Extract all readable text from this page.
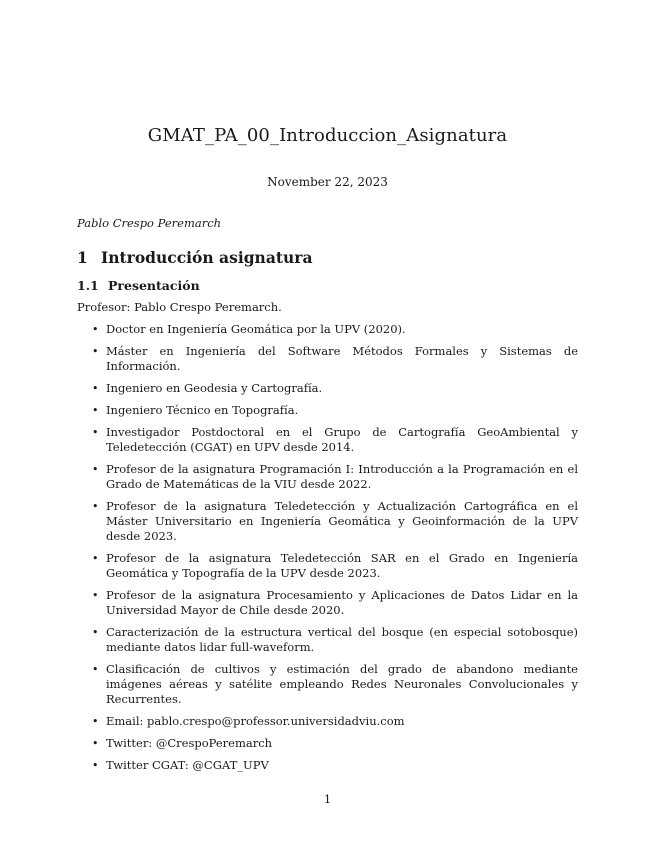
GMAT_PA_00_Introduccion_Asignatura
November 22, 2023
Pablo Crespo Peremarch
1 Introducción asignatura
1.1 Presentación
Profesor: Pablo Crespo Peremarch.
• Doctor en Ingeniería Geomática por la UPV (2020).
• Máster en Ingeniería del Software Métodos Formales y Sistemas de Información.
• Ingeniero en Geodesia y Cartografía.
• Ingeniero Técnico en Topografía.
• Investigador Postdoctoral en el Grupo de Cartografía GeoAmbiental y Teledetección (CGAT) en UPV desde 2014.
• Profesor de la asignatura Programación I: Introducción a la Programación en el Grado de Matemáticas de la VIU desde 2022.
• Profesor de la asignatura Teledetección y Actualización Cartográfica en el Máster Universitario en Ingeniería Geomática y Geoinformación de la UPV desde 2023.
• Profesor de la asignatura Teledetección SAR en el Grado en Ingeniería Geomática y Topografía de la UPV desde 2023.
• Profesor de la asignatura Procesamiento y Aplicaciones de Datos Lidar en la Universidad Mayor de Chile desde 2020.
• Caracterización de la estructura vertical del bosque (en especial sotobosque) mediante datos lidar full-waveform.
• Clasificación de cultivos y estimación del grado de abandono mediante imágenes aéreas y satélite empleando Redes Neuronales Convolucionales y Recurrentes.
• Email: pablo.crespo@professor.universidadviu.com
• Twitter: @CrespoPeremarch
• Twitter CGAT: @CGAT_UPV
1
